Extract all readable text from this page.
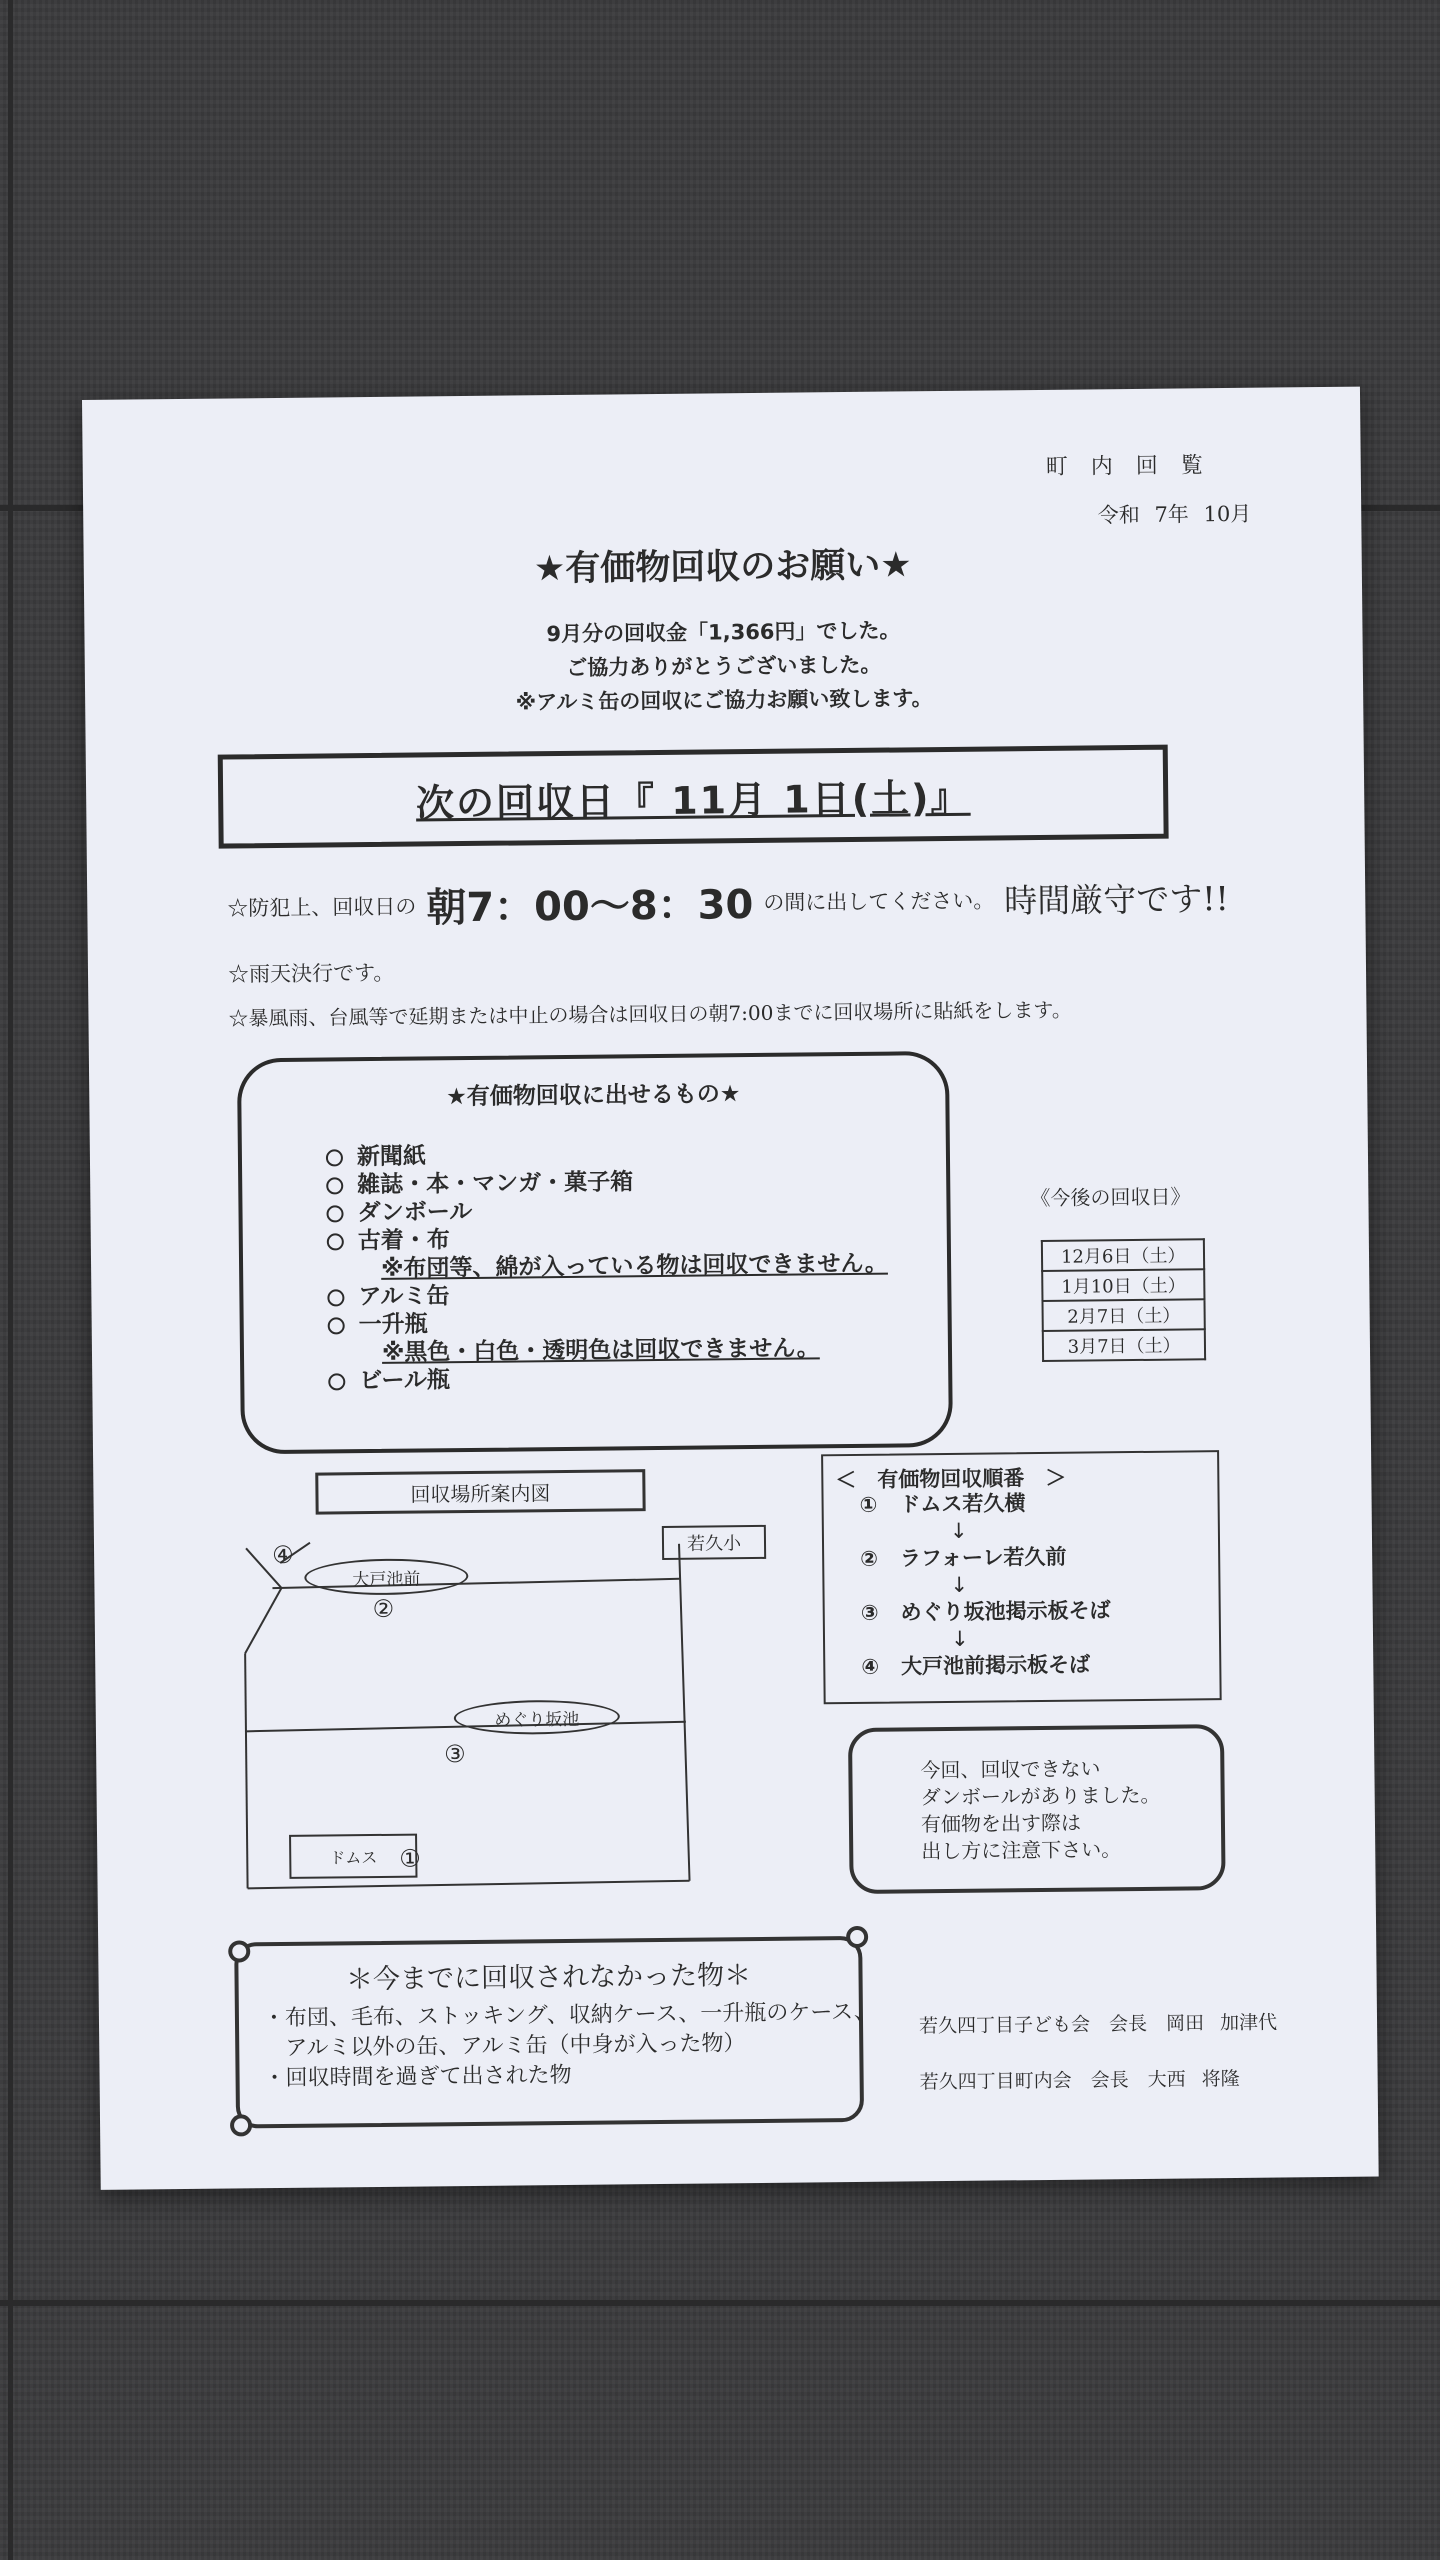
町 内 回 覧
令和 7年 10月
★有価物回収のお願い★
9月分の回収金「1,366円」でした。
ご協力ありがとうございました。
※アルミ缶の回収にご協力お願い致します。
次の回収日『 11月 1日(土)』
☆防犯上、回収日の 朝7：00～8：30 の間に出してください。 時間厳守です!!
☆雨天決行です。
☆暴風雨、台風等で延期または中止の場合は回収日の朝7:00までに回収場所に貼紙をします。
★有価物回収に出せるもの★
新聞紙
雑誌・本・マンガ・菓子箱
ダンボール
古着・布
※布団等、綿が入っている物は回収できません。
アルミ缶
一升瓶
※黒色・白色・透明色は回収できません。
ビール瓶
《今後の回収日》
12月6日（土）
1月10日（土）
2月7日（土）
3月7日（土）
回収場所案内図
若久小
大戸池前
めぐり坂池
ドムス ①
②
③
④
＜　有価物回収順番　＞
① ドムス若久横
↓
② ラフォーレ若久前
↓
③ めぐり坂池掲示板そば
↓
④ 大戸池前掲示板そば
今回、回収できない
ダンボールがありました。
有価物を出す際は
出し方に注意下さい。
＊今までに回収されなかった物＊
・布団、毛布、ストッキング、収納ケース、一升瓶のケース、
　アルミ以外の缶、アルミ缶（中身が入った物）
・回収時間を過ぎて出された物
若久四丁目子ども会　会長　岡田 加津代
若久四丁目町内会　会長　大西 将隆
